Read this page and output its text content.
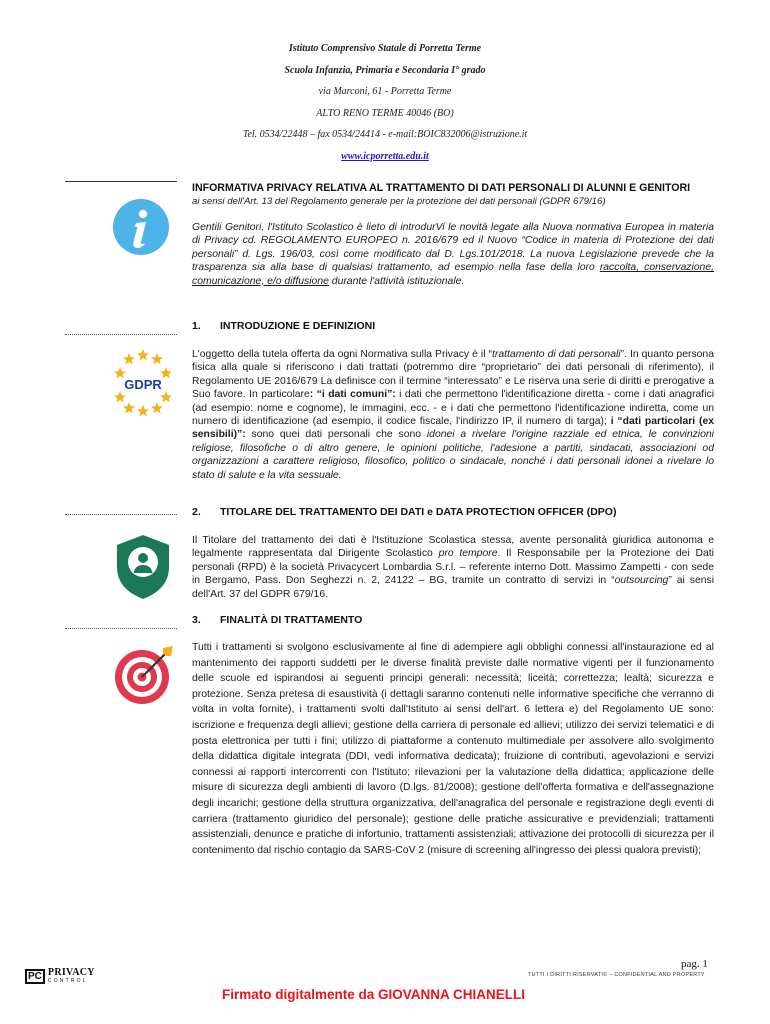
Istituto Comprensivo Statale di Porretta Terme
Scuola Infanzia, Primaria e Secondaria I° grado
via Marconi, 61 - Porretta Terme
ALTO RENO TERME 40046 (BO)
Tel. 0534/22448 – fax 0534/24414 - e-mail:BOIC832006@istruzione.it
www.icporretta.edu.it
GDPR
INFORMATIVA PRIVACY RELATIVA AL TRATTAMENTO DI DATI PERSONALI DI ALUNNI E GENITORI
ai sensi dell'Art. 13 del Regolamento generale per la protezione dei dati personali (GDPR 679/16)
Gentili Genitori, l'Istituto Scolastico è lieto di introdurVi le novità legate alla Nuova normativa Europea in materia di Privacy cd. REGOLAMENTO EUROPEO n. 2016/679 ed il Nuovo “Codice in materia di Protezione dei dati personali” d. Lgs. 196/03, così come modificato dal D. Lgs.101/2018. La nuova Legislazione prevede che la trasparenza sia alla base di qualsiasi trattamento, ad esempio nella fase della loro raccolta, conservazione, comunicazione, e/o diffusione durante l'attività istituzionale.
1. INTRODUZIONE E DEFINIZIONI
L'oggetto della tutela offerta da ogni Normativa sulla Privacy è il “trattamento di dati personali”. In quanto persona fisica alla quale si riferiscono i dati trattati (potremmo dire “proprietario” dei dati personali di riferimento), il Regolamento UE 2016/679 La definisce con il termine “interessato” e Le riserva una serie di diritti e prerogative a Suo favore. In particolare: “i dati comuni”: i dati che permettono l'identificazione diretta - come i dati anagrafici (ad esempio: nome e cognome), le immagini, ecc. - e i dati che permettono l'identificazione indiretta, come un numero di identificazione (ad esempio, il codice fiscale, l'indirizzo IP, il numero di targa); i “dati particolari (ex sensibili)”: sono quei dati personali che sono idonei a rivelare l'origine razziale ed etnica, le convinzioni religiose, filosofiche o di altro genere, le opinioni politiche, l'adesione a partiti, sindacati, associazioni od organizzazioni a carattere religioso, filosofico, politico o sindacale, nonché i dati personali idonei a rivelare lo stato di salute e la vita sessuale.
2. TITOLARE DEL TRATTAMENTO DEI DATI e DATA PROTECTION OFFICER (DPO)
Il Titolare del trattamento dei dati è l'Istituzione Scolastica stessa, avente personalità giuridica autonoma e legalmente rappresentata dal Dirigente Scolastico pro tempore. Il Responsabile per la Protezione dei Dati personali (RPD) è la società Privacycert Lombardia S.r.l. – referente interno Dott. Massimo Zampetti - con sede in Bergamo, Pass. Don Seghezzi n. 2, 24122 – BG, tramite un contratto di servizi in “outsourcing” ai sensi dell'Art. 37 del GDPR 679/16.
3. FINALITÀ DI TRATTAMENTO
Tutti i trattamenti si svolgono esclusivamente al fine di adempiere agli obblighi connessi all'instaurazione ed al mantenimento dei rapporti suddetti per le diverse finalità previste dalle normative vigenti per il funzionamento delle scuole ed ispirandosi ai seguenti principi generali: necessità; liceità; correttezza; lealtà; sicurezza e protezione. Senza pretesa di esaustività (i dettagli saranno contenuti nelle informative specifiche che verranno di volta in volta fornite), i trattamenti svolti dall'Istituto ai sensi dell'art. 6 lettera e) del Regolamento UE sono: iscrizione e frequenza degli allievi; gestione della carriera di personale ed allievi; utilizzo dei servizi telematici e di posta elettronica per tutti i fini; utilizzo di piattaforme a contenuto multimediale per assolvere allo svolgimento della didattica digitale integrata (DDI, vedi informativa dedicata); fruizione di contributi, agevolazioni e servizi connessi ai rapporti intercorrenti con l'Istituto; rilevazioni per la valutazione della didattica; applicazione delle misure di sicurezza degli ambienti di lavoro (D.lgs. 81/2008); gestione dell'offerta formativa e dell'assegnazione degli incarichi; gestione della struttura organizzativa, dell'anagrafica del personale e registrazione degli eventi di carriera (trattamento giuridico del personale); gestione delle pratiche assicurative e previdenziali; trattamenti assistenziali, denunce e pratiche di infortunio, trattamenti assistenziali; attivazione dei protocolli di sicurezza per il contenimento dal rischio contagio da SARS-CoV 2 (misure di screening all'ingresso dei plessi qualora previsti);
pag. 1
TUTTI I DIRITTI RISERVATI© – CONFIDENTIAL AND PROPERTY
PC PRIVACY
CONTROL
Firmato digitalmente da GIOVANNA CHIANELLI
